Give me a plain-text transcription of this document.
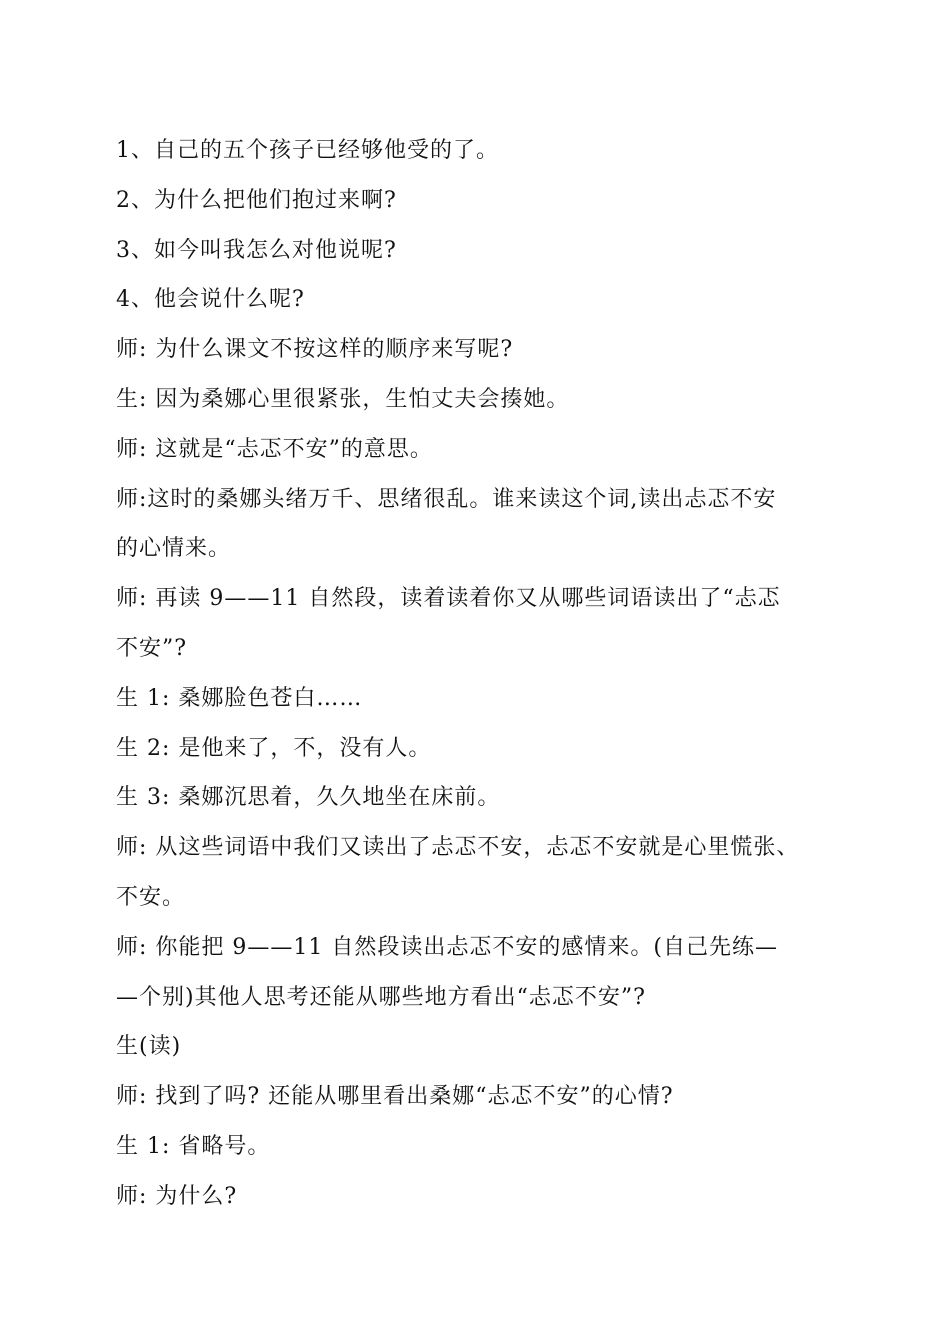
1、自己的五个孩子已经够他受的了。
2、为什么把他们抱过来啊?
3、如今叫我怎么对他说呢?
4、他会说什么呢?
师: 为什么课文不按这样的顺序来写呢?
生: 因为桑娜心里很紧张，生怕丈夫会揍她。
师: 这就是“忐忑不安”的意思。
师:这时的桑娜头绪万千、思绪很乱。谁来读这个词,读出忐忑不安
的心情来。
师: 再读 9——11 自然段，读着读着你又从哪些词语读出了“忐忑
不安”?
生 1: 桑娜脸色苍白……
生 2: 是他来了，不，没有人。
生 3: 桑娜沉思着，久久地坐在床前。
师: 从这些词语中我们又读出了忐忑不安，忐忑不安就是心里慌张、
不安。
师: 你能把 9——11 自然段读出忐忑不安的感情来。(自己先练—
—个别)其他人思考还能从哪些地方看出“忐忑不安”?
生(读)
师: 找到了吗? 还能从哪里看出桑娜“忐忑不安”的心情?
生 1: 省略号。
师: 为什么?
